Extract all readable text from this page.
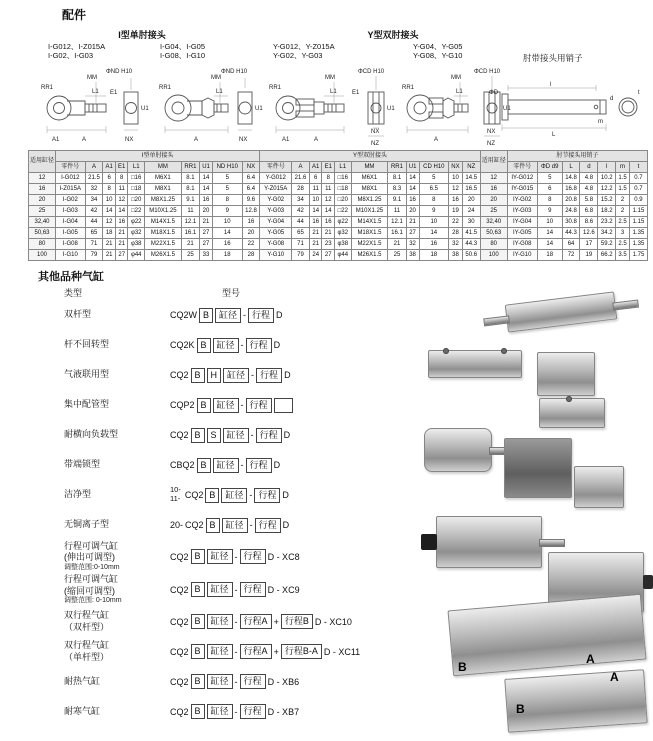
配件
I型单肘接头	Y型双肘接头
肘带接头用销子
I-G012、I-Z015A
I-G02、I-G03
I-G04、I-G05
I-G08、I-G10
Y-G012、Y-Z015A
Y-G02、Y-G03
Y-G04、Y-G05
Y-G08、Y-G10
MM
RR1
A1	A
L1
ΦND H10
NX
U1
E1
MM
RR1
A
L1
ΦND H10
NX
U1
MM
RR1
A1	A
L1
ΦCD H10
NX
NZ
U1
E1
MM
RR1
A
L1
ΦCD H10
NX
NZ
U1
ΦD
d
L
l
m
t
适用缸径	I型单肘接头										Y型双肘接头											适用缸径	肘节接头用销子						
	零件号	A	A1	E1	L1	MM	RR1	U1	ND H10	NX	零件号	A	A1	E1	L1	MM	RR1	U1	CD H10	NX	NZ		零件号	ΦD d9	L	d	l	m	t
12	I-G012	21.5	6	8	□16	M6X1	8.1	14	5	6.4	Y-G012	21.6	6	8	□16	M6X1	8.1	14	5	10	14.5	12	IY-G012	5	14.8	4.8	10.2	1.5	0.7
16	I-Z015A	32	8	11	□18	M8X1	8.1	14	5	6.4	Y-Z015A	28	11	11	□18	M8X1	8.3	14	6.5	12	16.5	16	IY-G015	6	16.8	4.8	12.2	1.5	0.7
20	I-G02	34	10	12	□20	M8X1.25	9.1	16	8	9.6	Y-G02	34	10	12	□20	M8X1.25	9.1	16	8	16	20	20	IY-G02	8	20.8	5.8	15.2	2	0.9
25	I-G03	42	14	14	□22	M10X1.25	11	20	9	12.8	Y-G03	42	14	14	□22	M10X1.25	11	20	9	19	24	25	IY-G03	9	24.8	6.8	18.2	2	1.15
32,40	I-G04	44	12	16	φ22	M14X1.5	12.1	21	10	16	Y-G04	44	16	16	φ22	M14X1.5	12.1	21	10	22	30	32,40	IY-G04	10	30.8	8.6	23.2	2.5	1.15
50,63	I-G05	65	18	21	φ32	M18X1.5	16.1	27	14	20	Y-G05	65	21	21	φ32	M18X1.5	16.1	27	14	28	41.5	50,63	IY-G05	14	44.3	12.6	34.2	3	1.35
80	I-G08	71	21	21	φ38	M22X1.5	21	27	16	22	Y-G08	71	21	23	φ38	M22X1.5	21	32	16	32	44.3	80	IY-G08	14	64	17	59.2	2.5	1.35
100	I-G10	79	21	27	φ44	M26X1.5	25	33	18	28	Y-G10	79	24	27	φ44	M26X1.5	25	38	18	38	50.6	100	IY-G10	18	72	19	66.2	3.5	1.75
其他品种气缸
类型	型号
双杆型	CQ2W B	缸径 - 行程 D
杆不回转型	CQ2K B	缸径 - 行程 D
气液联用型	CQ2 B	H	缸径 - 行程 D
集中配管型	CQP2 B	缸径 - 行程
耐横向负载型	CQ2 B	S	缸径 - 行程 D
带端锁型	CBQ2 B	缸径 - 行程 D
洁净型	10-
11- CQ2 B	缸径 - 行程 D
无铜离子型	20- CQ2 B	缸径 - 行程 D
行程可调气缸
(伸出可调型)
调整范围:0-10mm
CQ2 B	缸径 - 行程 D - XC8
行程可调气缸
(缩回可调型)
调整范围: 0-10mm
CQ2 B	缸径 - 行程 D - XC9
双行程气缸
（双杆型）	CQ2 B	缸径 - 行程A + 行程B D - XC10
双行程气缸
（单杆型）	CQ2 B	缸径 - 行程A + 行程B-A D - XC11
耐热气缸	CQ2 B	缸径 - 行程 D - XB6
耐寒气缸	CQ2 B	缸径 - 行程 D - XB7
B
A
B
A
